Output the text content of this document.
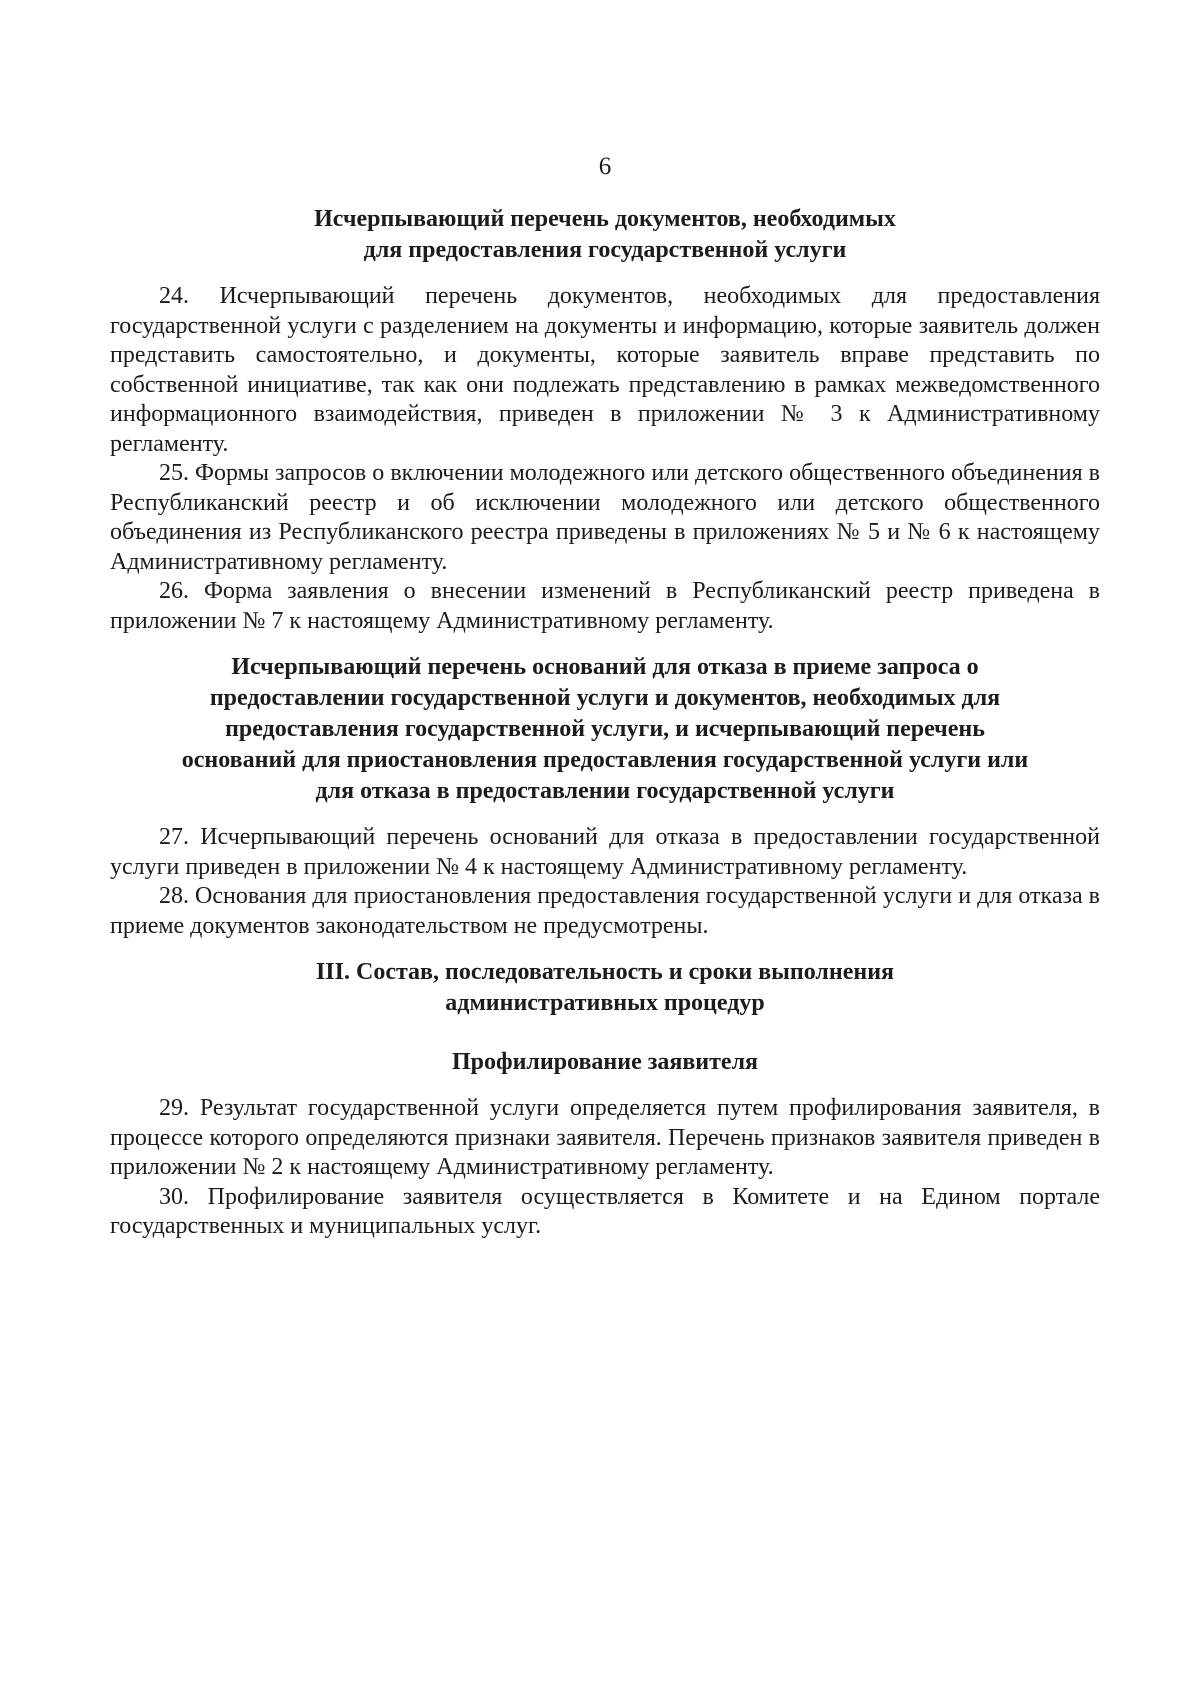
6
Исчерпывающий перечень документов, необходимых
для предоставления государственной услуги

24. Исчерпывающий перечень документов, необходимых для предоставления государственной услуги с разделением на документы и информацию, которые заявитель должен представить самостоятельно, и документы, которые заявитель вправе представить по собственной инициативе, так как они подлежать представлению в рамках межведомственного информационного взаимодействия, приведен в приложении № 3 к Административному регламенту.

25. Формы запросов о включении молодежного или детского общественного объединения в Республиканский реестр и об исключении молодежного или детского общественного объединения из Республиканского реестра приведены в приложениях № 5 и № 6 к настоящему Административному регламенту.

26. Форма заявления о внесении изменений в Республиканский реестр приведена в приложении № 7 к настоящему Административному регламенту.

Исчерпывающий перечень оснований для отказа в приеме запроса о
предоставлении государственной услуги и документов, необходимых для
предоставления государственной услуги, и исчерпывающий перечень
оснований для приостановления предоставления государственной услуги или
для отказа в предоставлении государственной услуги

27. Исчерпывающий перечень оснований для отказа в предоставлении государственной услуги приведен в приложении № 4 к настоящему Административному регламенту.

28. Основания для приостановления предоставления государственной услуги и для отказа в приеме документов законодательством не предусмотрены.

III. Состав, последовательность и сроки выполнения
административных процедур
Профилирование заявителя

29. Результат государственной услуги определяется путем профилирования заявителя, в процессе которого определяются признаки заявителя. Перечень признаков заявителя приведен в приложении № 2 к настоящему Административному регламенту.

30. Профилирование заявителя осуществляется в Комитете и на Едином портале государственных и муниципальных услуг.
